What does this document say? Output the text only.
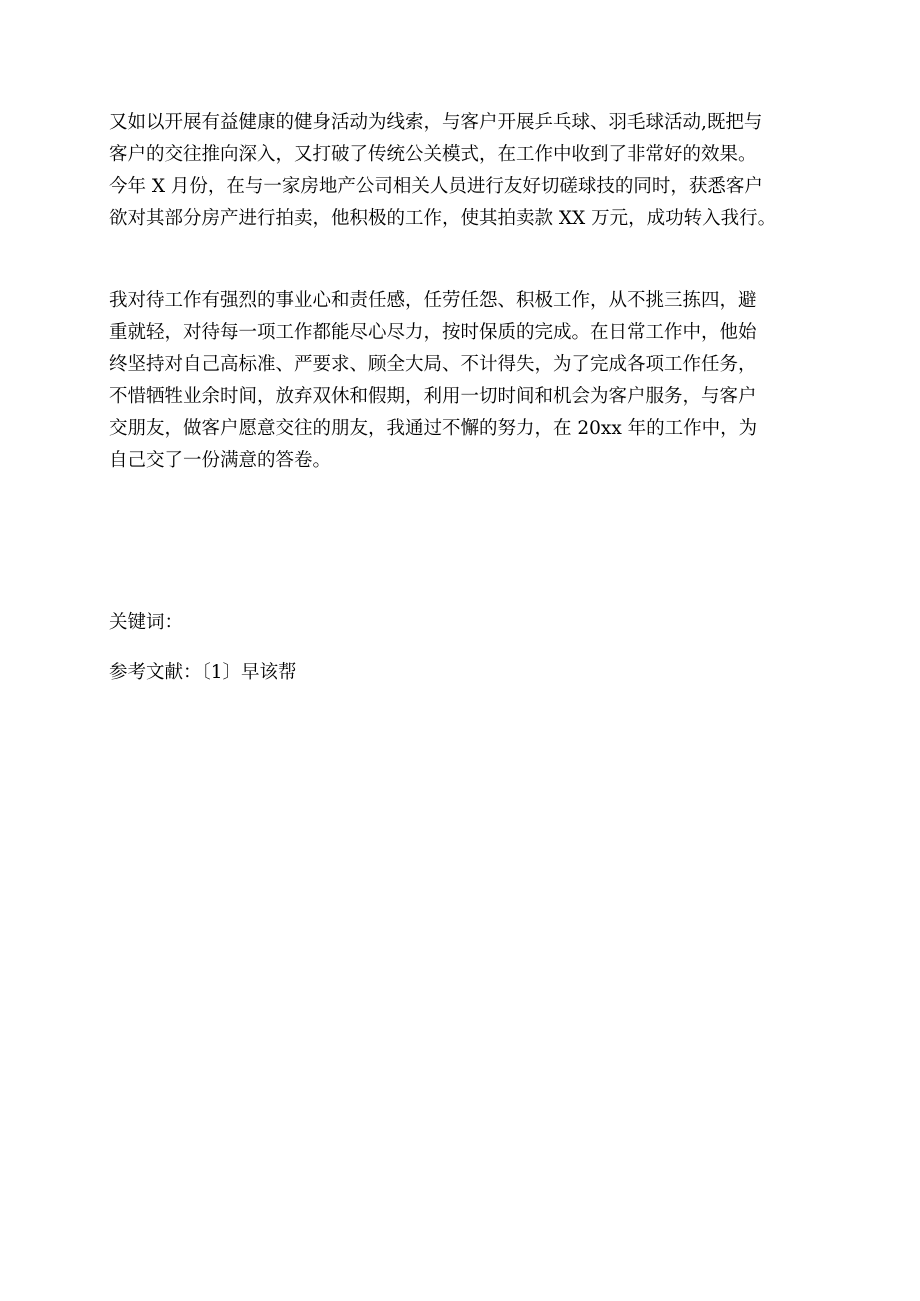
又如以开展有益健康的健身活动为线索，与客户开展乒乓球、羽毛球活动,既把与
客户的交往推向深入，又打破了传统公关模式，在工作中收到了非常好的效果。
今年 X 月份，在与一家房地产公司相关人员进行友好切磋球技的同时，获悉客户
欲对其部分房产进行拍卖，他积极的工作，使其拍卖款 XX 万元，成功转入我行。
我对待工作有强烈的事业心和责任感，任劳任怨、积极工作，从不挑三拣四，避
重就轻，对待每一项工作都能尽心尽力，按时保质的完成。在日常工作中，他始
终坚持对自己高标准、严要求、顾全大局、不计得失，为了完成各项工作任务，
不惜牺牲业余时间，放弃双休和假期，利用一切时间和机会为客户服务，与客户
交朋友，做客户愿意交往的朋友，我通过不懈的努力，在 20xx 年的工作中，为
自己交了一份满意的答卷。
关键词：
参考文献：〔1〕早该帮
